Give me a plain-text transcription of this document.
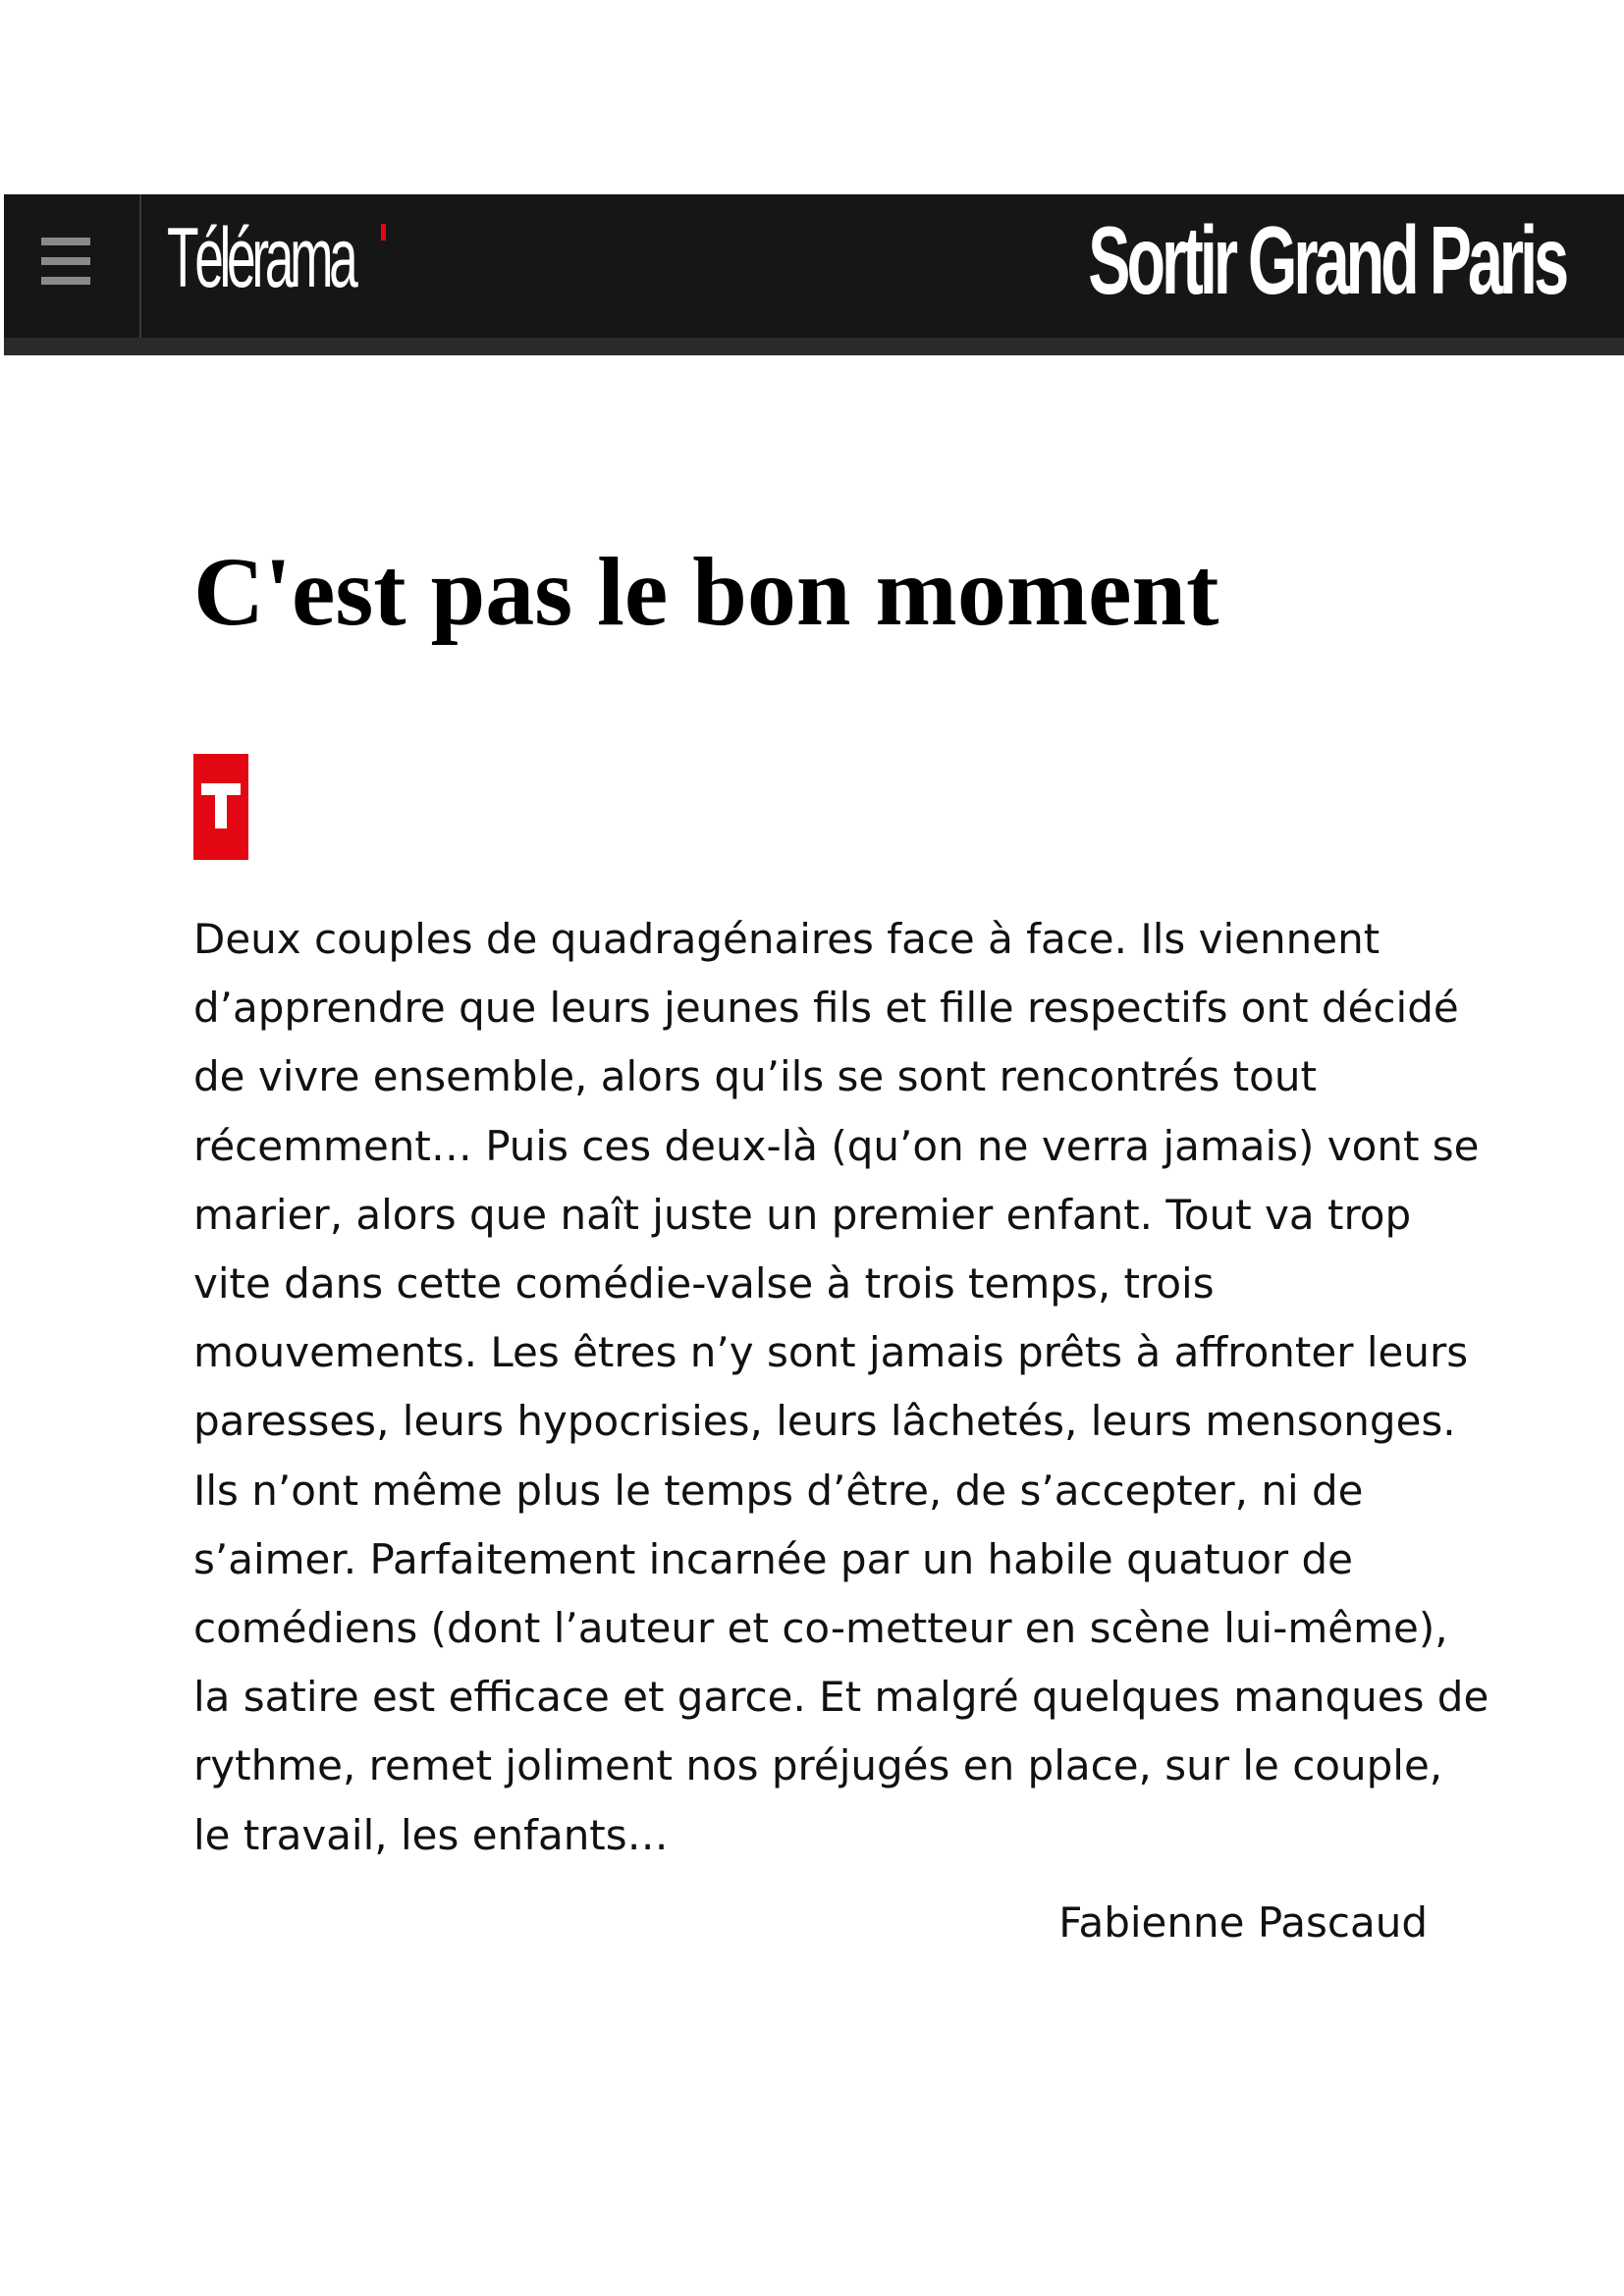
Télérama	Sortir Grand Paris
C'est pas le bon moment

Deux couples de quadragénaires face à face. Ils viennent
d’apprendre que leurs jeunes fils et fille respectifs ont décidé
de vivre ensemble, alors qu’ils se sont rencontrés tout
récemment… Puis ces deux-là (qu’on ne verra jamais) vont se
marier, alors que naît juste un premier enfant. Tout va trop
vite dans cette comédie-valse à trois temps, trois
mouvements. Les êtres n’y sont jamais prêts à affronter leurs
paresses, leurs hypocrisies, leurs lâchetés, leurs mensonges.
Ils n’ont même plus le temps d’être, de s’accepter, ni de
s’aimer. Parfaitement incarnée par un habile quatuor de
comédiens (dont l’auteur et co-metteur en scène lui-même),
la satire est efficace et garce. Et malgré quelques manques de
rythme, remet joliment nos préjugés en place, sur le couple,
le travail, les enfants…

Fabienne Pascaud
